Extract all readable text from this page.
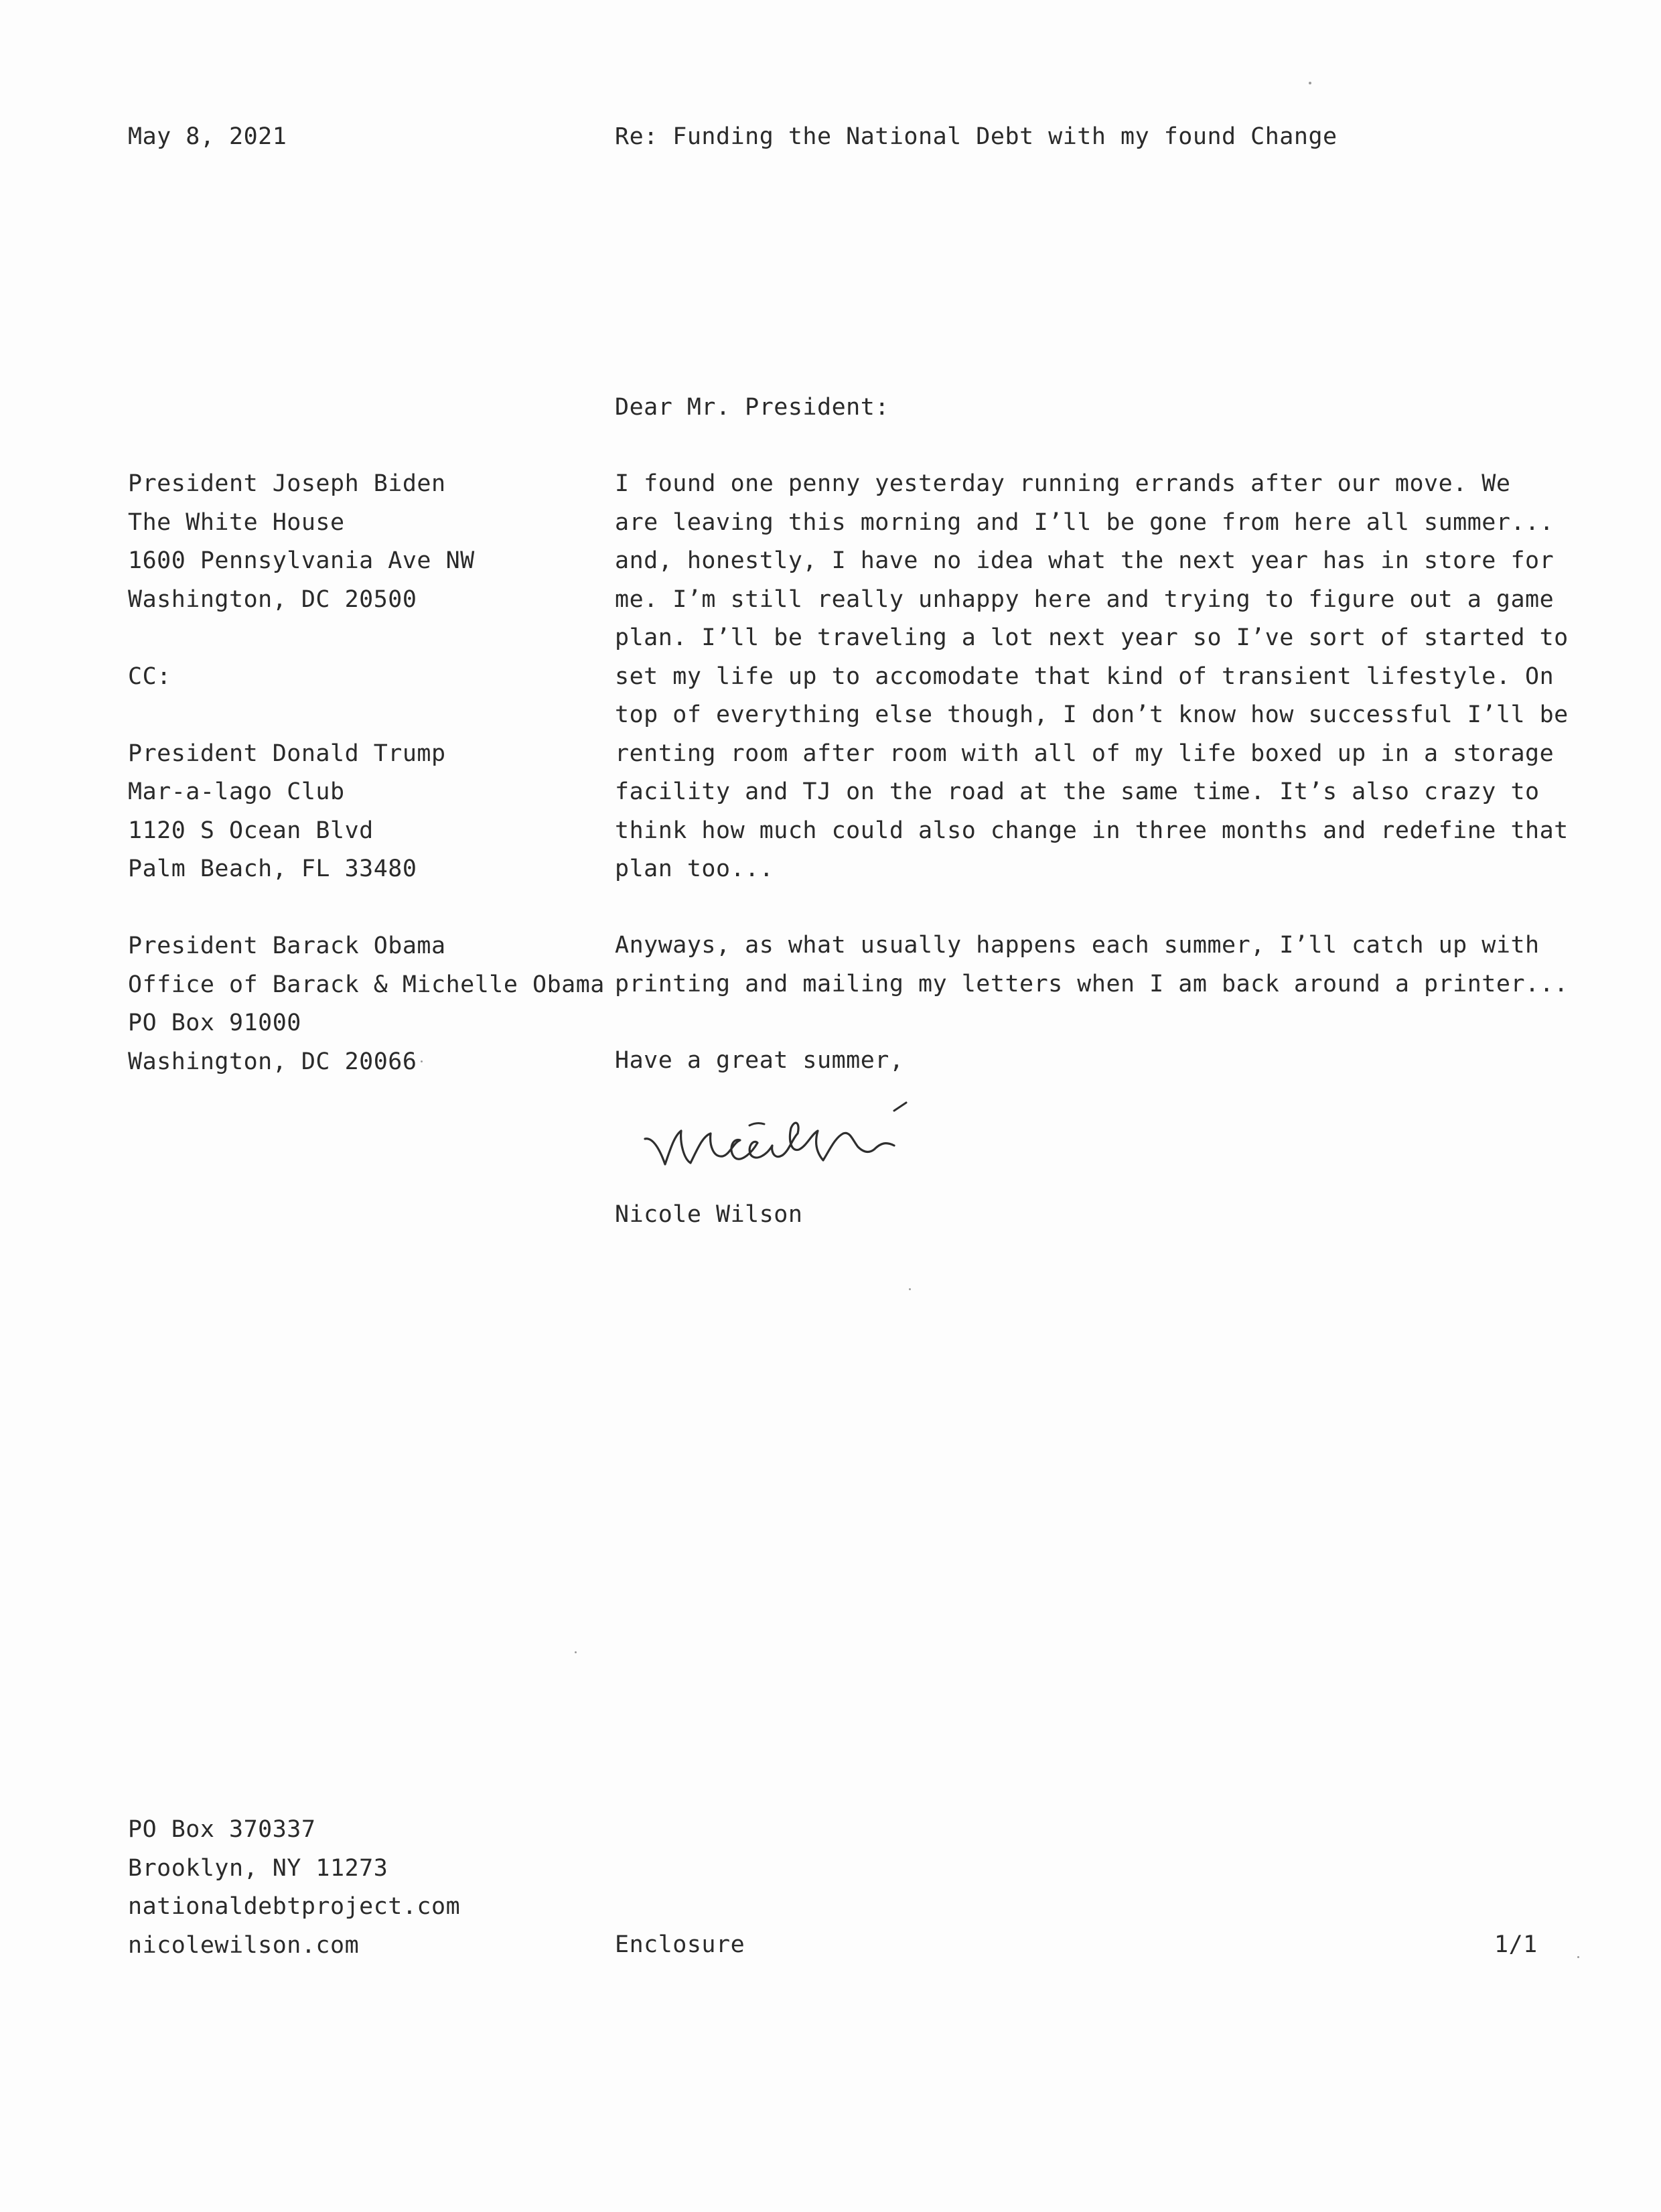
May 8, 2021	Re: Funding the National Debt with my found Change
Dear Mr. President:
President Joseph Biden
The White House
1600 Pennsylvania Ave NW
Washington, DC 20500
CC:
President Donald Trump
Mar-a-lago Club
1120 S Ocean Blvd
Palm Beach, FL 33480
President Barack Obama
Office of Barack & Michelle Obama
PO Box 91000
Washington, DC 20066
I found one penny yesterday running errands after our move. We
are leaving this morning and I’ll be gone from here all summer...
and, honestly, I have no idea what the next year has in store for
me. I’m still really unhappy here and trying to figure out a game
plan. I’ll be traveling a lot next year so I’ve sort of started to
set my life up to accomodate that kind of transient lifestyle. On
top of everything else though, I don’t know how successful I’ll be
renting room after room with all of my life boxed up in a storage
facility and TJ on the road at the same time. It’s also crazy to
think how much could also change in three months and redefine that
plan too...
Anyways, as what usually happens each summer, I’ll catch up with
printing and mailing my letters when I am back around a printer...
Have a great summer,
Nicole Wilson
PO Box 370337
Brooklyn, NY 11273
nationaldebtproject.com
nicolewilson.com	Enclosure	1/1
